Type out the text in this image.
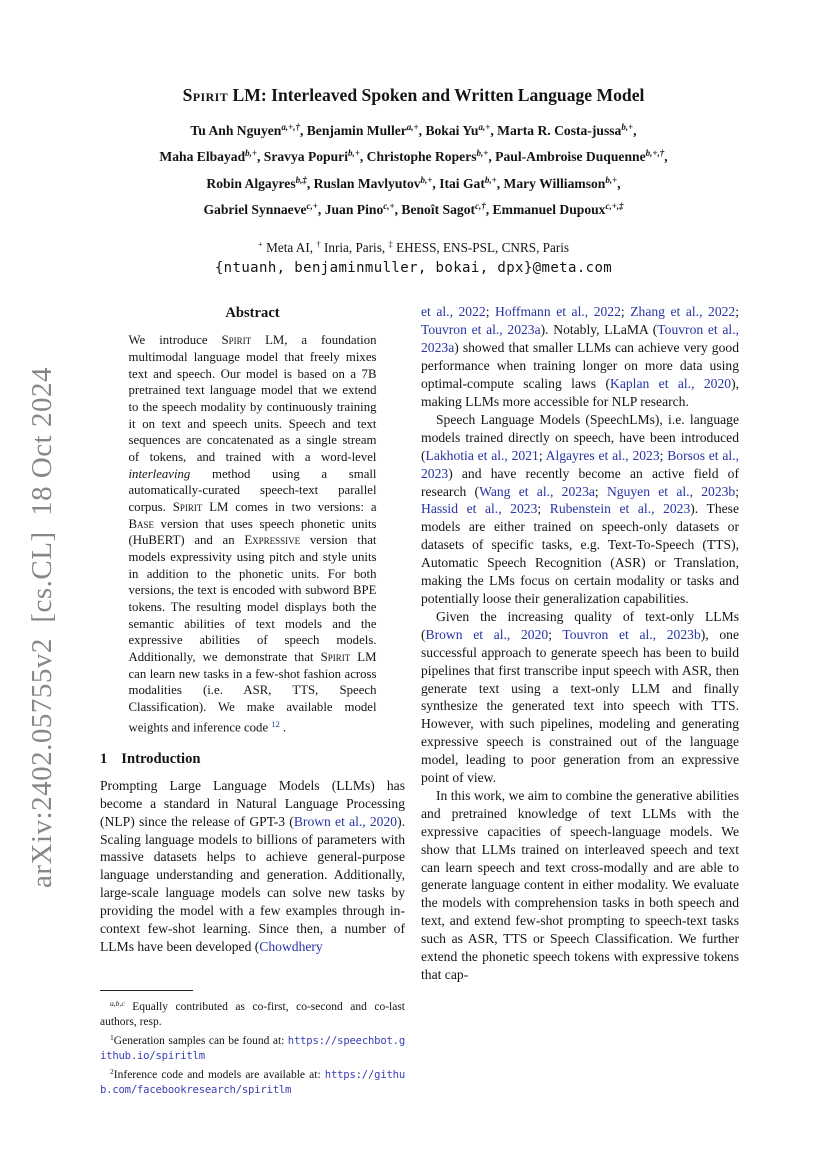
arXiv:2402.05755v2  [cs.CL]  18 Oct 2024
Spirit LM: Interleaved Spoken and Written Language Model
Tu Anh Nguyen$^{a,+,\dagger}$, Benjamin Muller$^{a,+}$, Bokai $Yu^{a,+}$, Marta R. Costa-jussa$^{b,+}$,
Maha Elbayad$^{b,+}$, Sravya Popuri$^{b,+}$, Christophe Ropers$^{b,+}$, Paul-Ambroise Duquenne$^{b,+,\dagger}$,
Robin Algayres$^{b,\ddagger}$, Ruslan Mavlyutov$^{b,+}$, Itai Gat$^{b,+}$, Mary Williamson$^{b,+}$,
Gabriel Synnaeve$^{c,+}$, Juan Pino$^{c,+}$, Benoît Sagot$^{c,\dagger}$, Emmanuel Dupoux$^{c,+,\ddagger}$
+ Meta AI, † Inria, Paris, ‡ EHESS, ENS-PSL, CNRS, Paris
{ntuanh, benjaminmuller, bokai, dpx}@meta.com
Abstract

We introduce Spirit LM, a foundation multimodal language model that freely mixes text and speech. Our model is based on a 7B pretrained text language model that we extend to the speech modality by continuously training it on text and speech units. Speech and text sequences are concatenated as a single stream of tokens, and trained with a word-level interleaving method using a small automatically-curated speech-text parallel corpus. Spirit LM comes in two versions: a Base version that uses speech phonetic units (HuBERT) and an Expressive version that models expressivity using pitch and style units in addition to the phonetic units. For both versions, the text is encoded with subword BPE tokens. The resulting model displays both the semantic abilities of text models and the expressive abilities of speech models. Additionally, we demonstrate that Spirit LM can learn new tasks in a few-shot fashion across modalities (i.e. ASR, TTS, Speech Classification). We make available model weights and inference code $^{12}$ .

1 Introduction

Prompting Large Language Models (LLMs) has become a standard in Natural Language Processing (NLP) since the release of GPT-3 (Brown et al., 2020). Scaling language models to billions of parameters with massive datasets helps to achieve general-purpose language understanding and generation. Additionally, large-scale language models can solve new tasks by providing the model with a few examples through in-context few-shot learning. Since then, a number of LLMs have been developed (Chowdhery

$^{a,b,c}$ Equally contributed as co-first, co-second and co-last authors, resp.

$^1$Generation samples can be found at: https://speechbot.github.io/spiritlm

$^2$Inference code and models are available at: https://github.com/facebookresearch/spiritlm

et al., 2022; Hoffmann et al., 2022; Zhang et al., 2022; Touvron et al., 2023a). Notably, LLaMA (Touvron et al., 2023a) showed that smaller LLMs can achieve very good performance when training longer on more data using optimal-compute scaling laws (Kaplan et al., 2020), making LLMs more accessible for NLP research.

Speech Language Models (SpeechLMs), i.e. language models trained directly on speech, have been introduced (Lakhotia et al., 2021; Algayres et al., 2023; Borsos et al., 2023) and have recently become an active field of research (Wang et al., 2023a; Nguyen et al., 2023b; Hassid et al., 2023; Rubenstein et al., 2023). These models are either trained on speech-only datasets or datasets of specific tasks, e.g. Text-To-Speech (TTS), Automatic Speech Recognition (ASR) or Translation, making the LMs focus on certain modality or tasks and potentially loose their generalization capabilities.

Given the increasing quality of text-only LLMs (Brown et al., 2020; Touvron et al., 2023b), one successful approach to generate speech has been to build pipelines that first transcribe input speech with ASR, then generate text using a text-only LLM and finally synthesize the generated text into speech with TTS. However, with such pipelines, modeling and generating expressive speech is constrained out of the language model, leading to poor generation from an expressive point of view.

In this work, we aim to combine the generative abilities and pretrained knowledge of text LLMs with the expressive capacities of speech-language models. We show that LLMs trained on interleaved speech and text can learn speech and text cross-modally and are able to generate language content in either modality. We evaluate the models with comprehension tasks in both speech and text, and extend few-shot prompting to speech-text tasks such as ASR, TTS or Speech Classification. We further extend the phonetic speech tokens with expressive tokens that cap-
